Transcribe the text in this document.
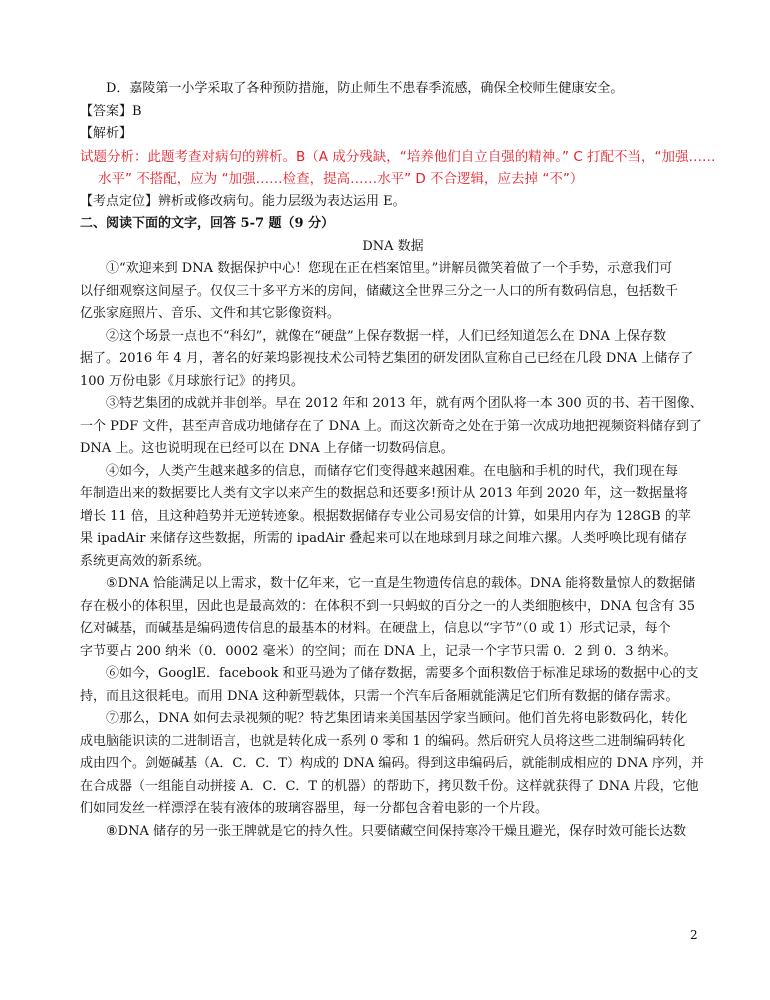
D．嘉陵第一小学采取了各种预防措施，防止师生不患春季流感，确保全校师生健康安全。

【答案】B

【解析】

试题分析：此题考查对病句的辨析。B（A 成分残缺，“培养他们自立自强的精神。” C 打配不当，“加强……

水平” 不搭配，应为 “加强……检查，提高……水平” D 不合逻辑，应去掉 “不”）

【考点定位】辨析或修改病句。能力层级为表达运用 E。

二、阅读下面的文字，回答 5-7 题（9 分）

DNA 数据

①“欢迎来到 DNA 数据保护中心！您现在正在档案馆里。”讲解员微笑着做了一个手势，示意我们可

以仔细观察这间屋子。仅仅三十多平方米的房间，储藏这全世界三分之一人口的所有数码信息，包括数千

亿张家庭照片、音乐、文件和其它影像资料。

②这个场景一点也不“科幻”，就像在“硬盘”上保存数据一样，人们已经知道怎么在 DNA 上保存数

据了。2016 年 4 月，著名的好莱坞影视技术公司特艺集团的研发团队宣称自己已经在几段 DNA 上储存了

100 万份电影《月球旅行记》的拷贝。

③特艺集团的成就并非创举。早在 2012 年和 2013 年，就有两个团队将一本 300 页的书、若干图像、

一个 PDF 文件，甚至声音成功地储存在了 DNA 上。而这次新奇之处在于第一次成功地把视频资料储存到了

DNA 上。这也说明现在已经可以在 DNA 上存储一切数码信息。

④如今，人类产生越来越多的信息，而储存它们变得越来越困难。在电脑和手机的时代，我们现在每

年制造出来的数据要比人类有文字以来产生的数据总和还要多!预计从 2013 年到 2020 年，这一数据量将

增长 11 倍，且这种趋势并无逆转迹象。根据数据储存专业公司易安信的计算，如果用内存为 128GB 的苹

果 ipadAir 来储存这些数据，所需的 ipadAir 叠起来可以在地球到月球之间堆六摞。人类呼唤比现有储存

系统更高效的新系统。

⑤DNA 恰能满足以上需求，数十亿年来，它一直是生物遗传信息的载体。DNA 能将数量惊人的数据储

存在极小的体积里，因此也是最高效的：在体积不到一只蚂蚁的百分之一的人类细胞核中，DNA 包含有 35

亿对碱基，而碱基是编码遗传信息的最基本的材料。在硬盘上，信息以“字节”（0 或 1）形式记录，每个

字节要占 200 纳米（0．0002 毫米）的空间；而在 DNA 上，记录一个字节只需 0．2 到 0．3 纳米。

⑥如今，GooglE．facebook 和亚马逊为了储存数据，需要多个面积数倍于标准足球场的数据中心的支

持，而且这很耗电。而用 DNA 这种新型载体，只需一个汽车后备厢就能满足它们所有数据的储存需求。

⑦那么，DNA 如何去录视频的呢？特艺集团请来美国基因学家当顾问。他们首先将电影数码化，转化

成电脑能识读的二进制语言，也就是转化成一系列 0 零和 1 的编码。然后研究人员将这些二进制编码转化

成由四个。剑姬碱基（A．C．C．T）构成的 DNA 编码。得到这串编码后，就能制成相应的 DNA 序列，并

在合成器（一组能自动拼接 A．C．C．T 的机器）的帮助下，拷贝数千份。这样就获得了 DNA 片段，它他

们如同发丝一样漂浮在装有液体的玻璃容器里，每一分都包含着电影的一个片段。

⑧DNA 储存的另一张王牌就是它的持久性。只要储藏空间保持寒冷干燥且避光，保存时效可能长达数

2
